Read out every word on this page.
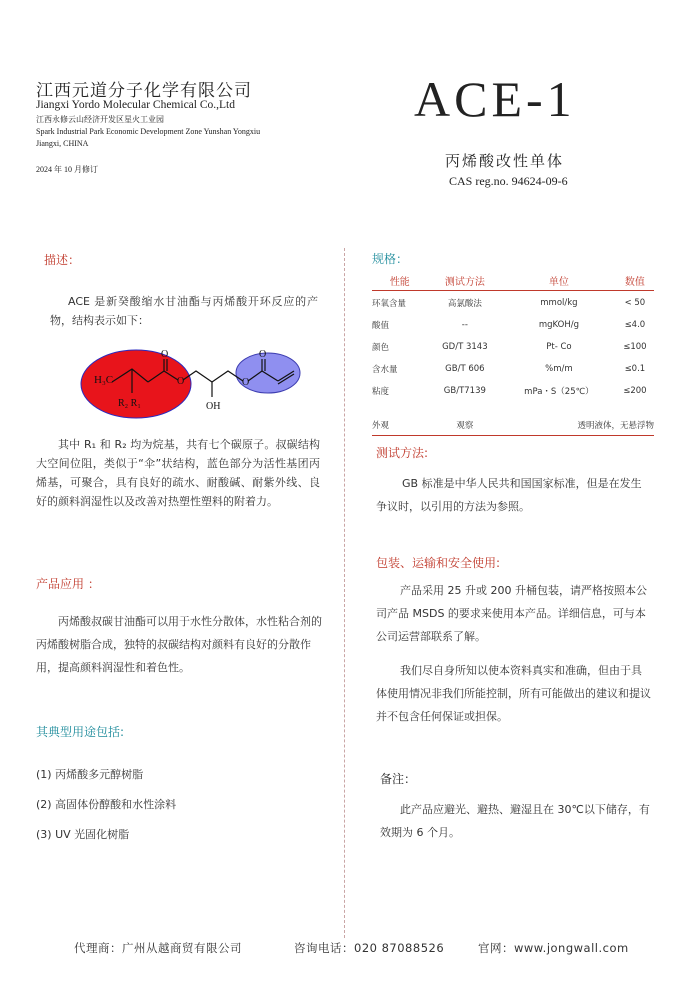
江西元道分子化学有限公司
Jiangxi Yordo Molecular Chemical Co.,Ltd
江西永修云山经济开发区星火工业园
Spark Industrial Park Economic Development Zone Yunshan Yongxiu
Jiangxi, CHINA
2024 年 10 月修订
ACE-1
丙烯酸改性单体
CAS reg.no. 94624-09-6
描述：
ACE 是新癸酸缩水甘油酯与丙烯酸开环反应的产物，结构表示如下：
H₃C
R₂ R₁
O
O
OH
O
O
其中 R₁ 和 R₂ 均为烷基，共有七个碳原子。叔碳结构大空间位阻，类似于“伞”状结构，蓝色部分为活性基团丙烯基，可聚合，具有良好的疏水、耐酸碱、耐紫外线、良好的颜料润湿性以及改善对热塑性塑料的附着力。
产品应用 ：
丙烯酸叔碳甘油酯可以用于水性分散体，水性粘合剂的丙烯酸树脂合成，独特的叔碳结构对颜料有良好的分散作用，提高颜料润湿性和着色性。
其典型用途包括:
(1) 丙烯酸多元醇树脂
(2) 高固体份醇酸和水性涂料
(3) UV 光固化树脂
规格：
性能	测试方法	单位	数值
环氧含量	高氯酸法	mmol/kg	< 50
酸值	--	mgKOH/g	≤4.0
颜色	GD/T 3143	Pt- Co	≤100
含水量	GB/T 606	%m/m	≤0.1
粘度	GB/T7139	mPa・S（25℃）	≤200
外观	观察	透明液体，无悬浮物	
测试方法:
GB 标准是中华人民共和国国家标准，但是在发生争议时，以引用的方法为参照。
包装、运输和安全使用:
产品采用 25 升或 200 升桶包装，请严格按照本公司产品 MSDS 的要求来使用本产品。详细信息，可与本公司运营部联系了解。
我们尽自身所知以使本资料真实和准确，但由于具体使用情况非我们所能控制，所有可能做出的建议和提议并不包含任何保证或担保。
备注：
此产品应避光、避热、避湿且在 30℃以下储存，有效期为 6 个月。
代理商：广州从越商贸有限公司	咨询电话：020 87088526	官网：www.jongwall.com
